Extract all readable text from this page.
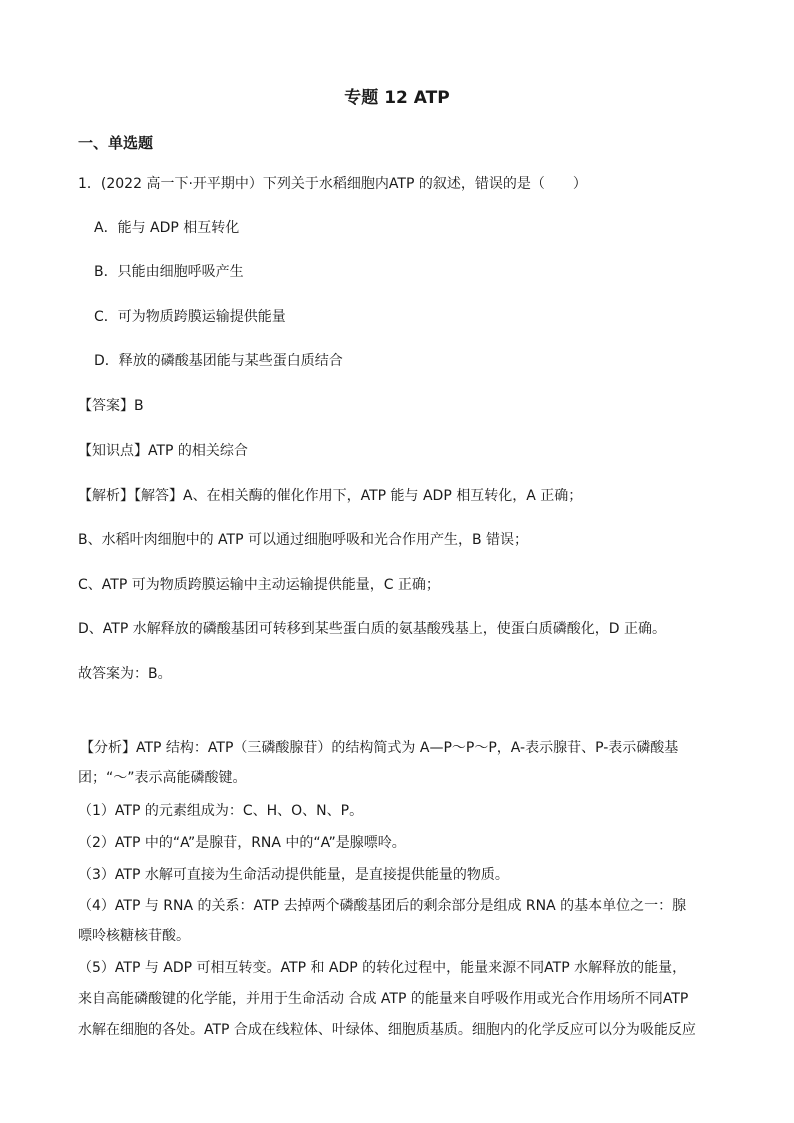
专题 12 ATP
一、单选题
1．(2022 高一下·开平期中）下列关于水稻细胞内ATP 的叙述，错误的是（　　）
A．能与 ADP 相互转化
B．只能由细胞呼吸产生
C．可为物质跨膜运输提供能量
D．释放的磷酸基团能与某些蛋白质结合
【答案】B
【知识点】ATP 的相关综合
【解析】【解答】A、在相关酶的催化作用下，ATP 能与 ADP 相互转化，A 正确；
B、水稻叶肉细胞中的 ATP 可以通过细胞呼吸和光合作用产生，B 错误；
C、ATP 可为物质跨膜运输中主动运输提供能量，C 正确；
D、ATP 水解释放的磷酸基团可转移到某些蛋白质的氨基酸残基上，使蛋白质磷酸化，D 正确。
故答案为：B。
【分析】ATP 结构：ATP（三磷酸腺苷）的结构简式为 A—P～P～P，A-表示腺苷、P-表示磷酸基
团；“～”表示高能磷酸键。
（1）ATP 的元素组成为：C、H、O、N、P。
（2）ATP 中的“A”是腺苷，RNA 中的“A”是腺嘌呤。
（3）ATP 水解可直接为生命活动提供能量，是直接提供能量的物质。
（4）ATP 与 RNA 的关系：ATP 去掉两个磷酸基团后的剩余部分是组成 RNA 的基本单位之一：腺
嘌呤核糖核苷酸。
（5）ATP 与 ADP 可相互转变。ATP 和 ADP 的转化过程中，能量来源不同ATP 水解释放的能量，
来自高能磷酸键的化学能，并用于生命活动 合成 ATP 的能量来自呼吸作用或光合作用场所不同ATP
水解在细胞的各处。ATP 合成在线粒体、叶绿体、细胞质基质。细胞内的化学反应可以分为吸能反应
